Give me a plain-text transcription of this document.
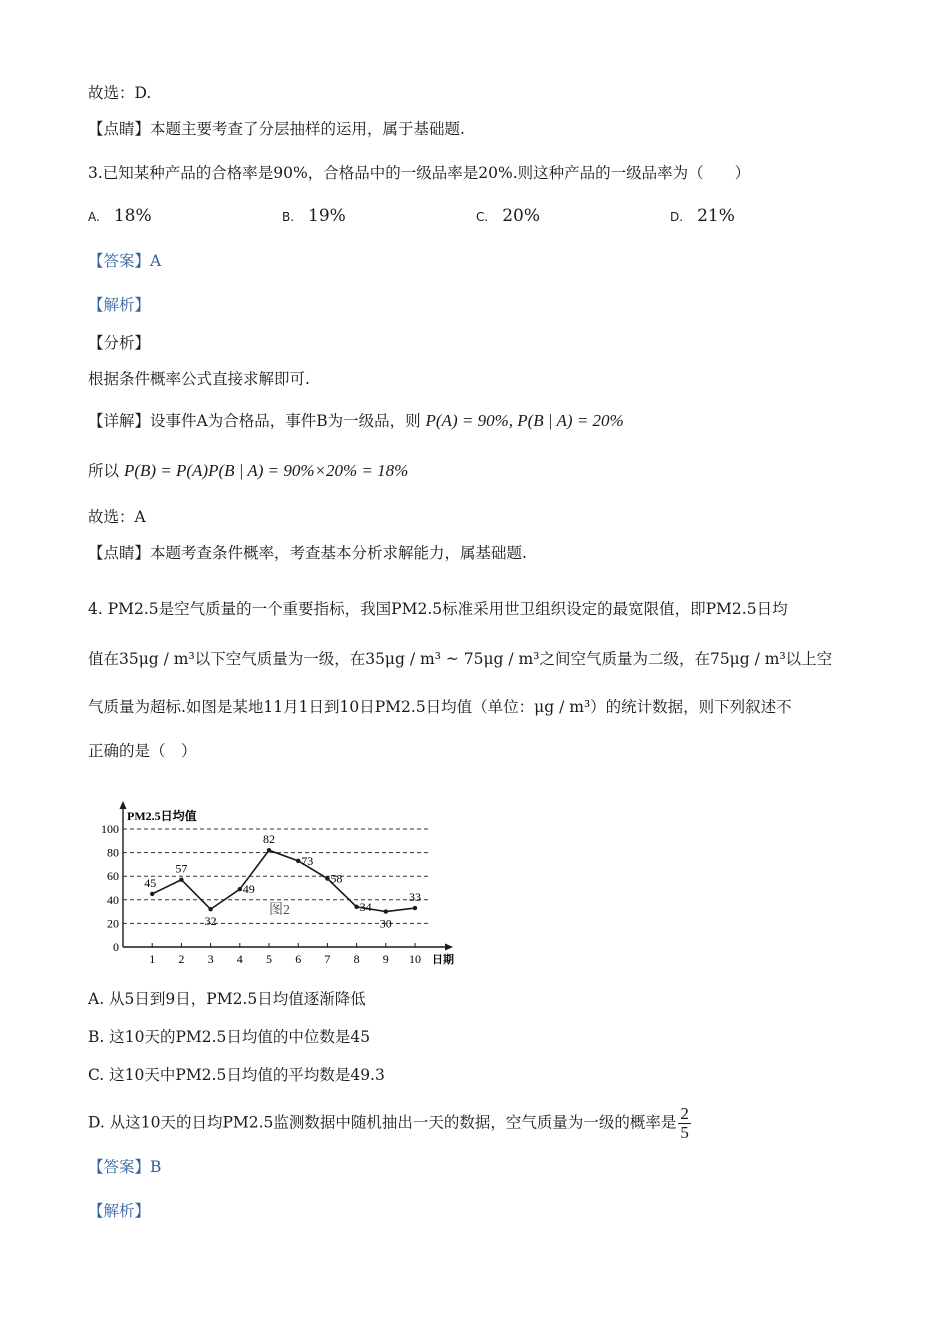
故选：D.
【点睛】本题主要考查了分层抽样的运用，属于基础题.
3.已知某种产品的合格率是90%，合格品中的一级品率是20%.则这种产品的一级品率为（　　）
A. 18%	B. 19%	C. 20%	D. 21%
【答案】A
【解析】
【分析】
根据条件概率公式直接求解即可.
【详解】设事件A为合格品，事件B为一级品，则 P(A) = 90%, P(B | A) = 20%
所以 P(B) = P(A)P(B | A) = 90%×20% = 18%
故选：A
【点睛】本题考查条件概率，考查基本分析求解能力，属基础题.
4. PM2.5是空气质量的一个重要指标，我国PM2.5标准采用世卫组织设定的最宽限值，即PM2.5日均
值在35μg / m³以下空气质量为一级，在35μg / m³ ~ 75μg / m³之间空气质量为二级，在75μg / m³以上空
气质量为超标.如图是某地11月1日到10日PM2.5日均值（单位：μg / m³）的统计数据，则下列叙述不
正确的是（　）
0
20
40
60
80
100
1 2 3 4 5 6 7 8 9 10
45
57
32
49
82
73
58
34
30
33
PM2.5日均值
日期
图2
A. 从5日到9日，PM2.5日均值逐渐降低
B. 这10天的PM2.5日均值的中位数是45
C. 这10天中PM2.5日均值的平均数是49.3
D. 从这10天的日均PM2.5监测数据中随机抽出一天的数据，空气质量为一级的概率是 $\frac{2}{5}$
【答案】B
【解析】
